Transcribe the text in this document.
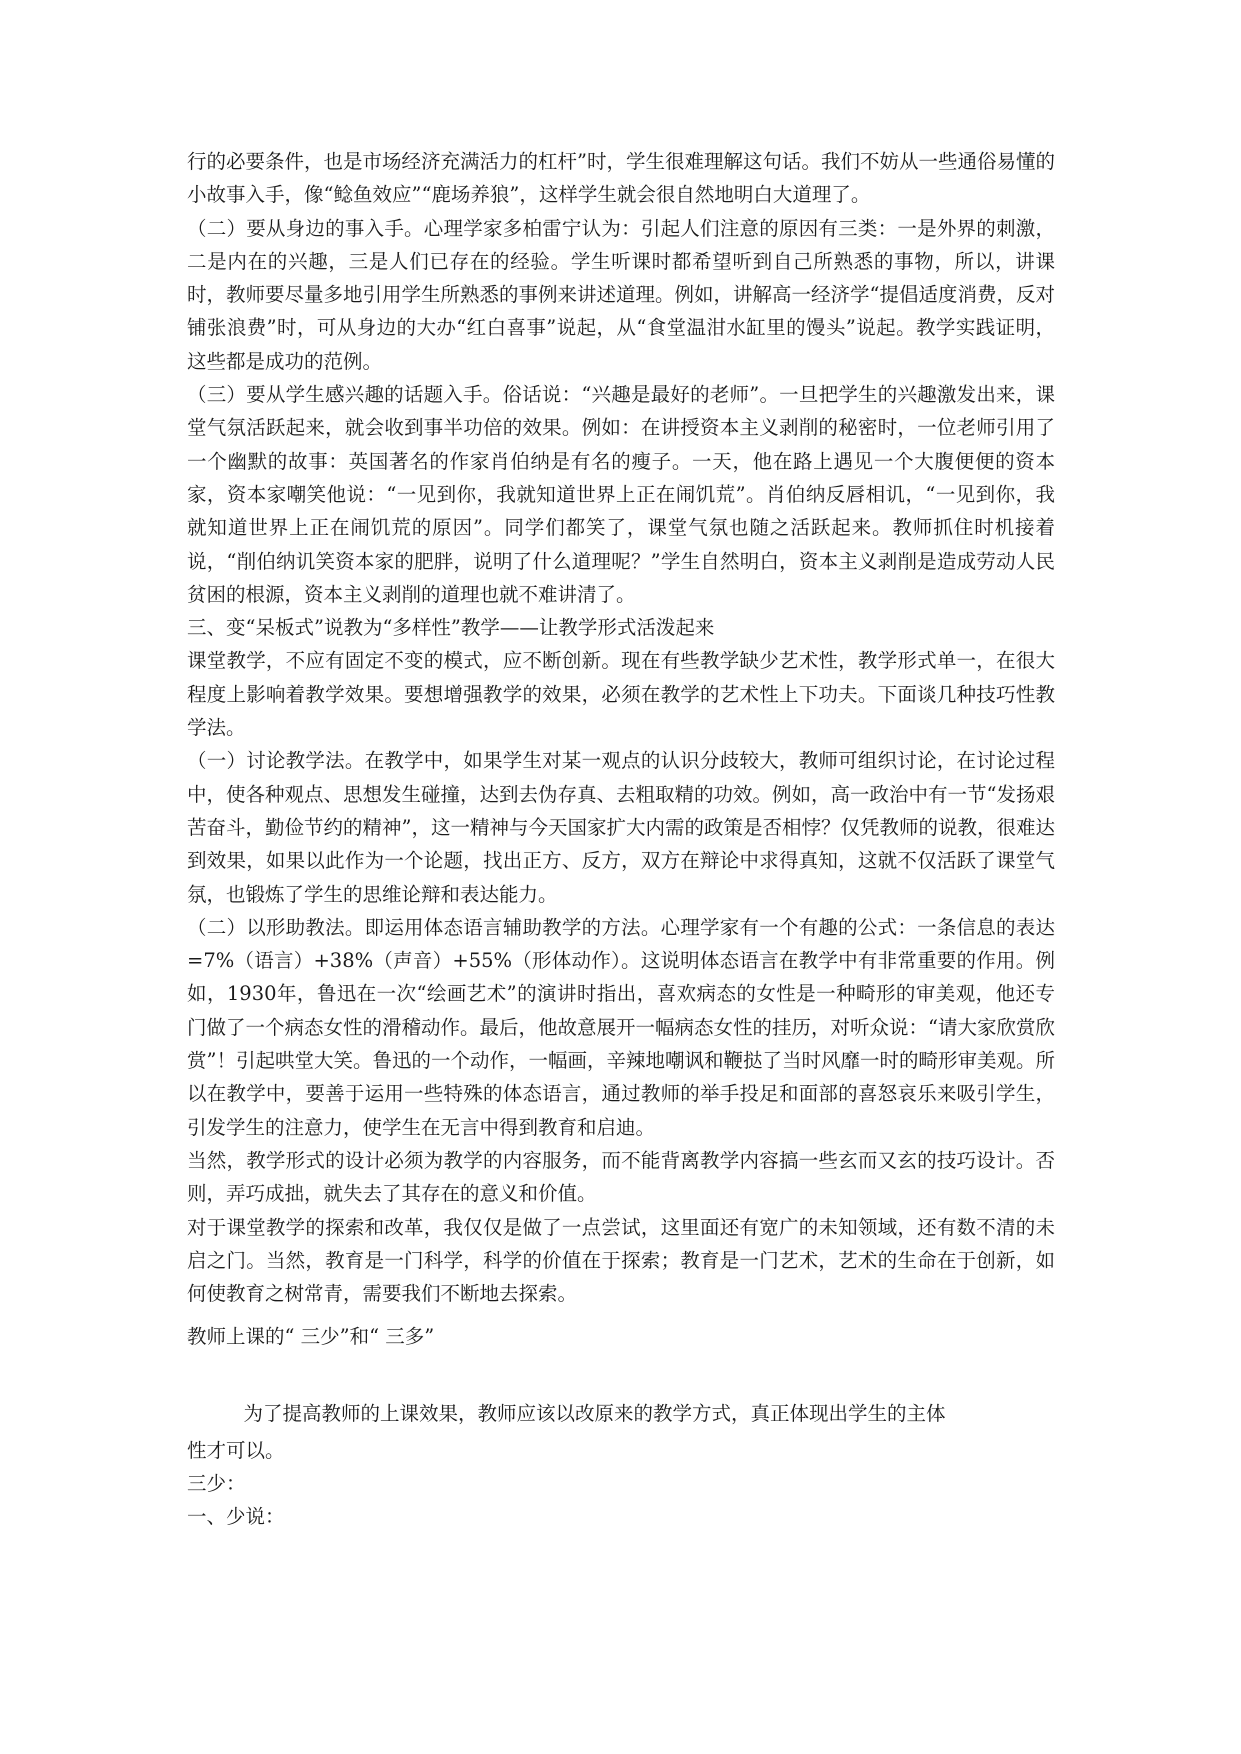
行的必要条件，也是市场经济充满活力的杠杆”时，学生很难理解这句话。我们不妨从一些通俗易懂的小故事入手，像“鲶鱼效应”“鹿场养狼”，这样学生就会很自然地明白大道理了。

（二）要从身边的事入手。心理学家多柏雷宁认为：引起人们注意的原因有三类：一是外界的刺激，二是内在的兴趣，三是人们已存在的经验。学生听课时都希望听到自己所熟悉的事物，所以，讲课时，教师要尽量多地引用学生所熟悉的事例来讲述道理。例如，讲解高一经济学“提倡适度消费，反对铺张浪费”时，可从身边的大办“红白喜事”说起，从“食堂温泔水缸里的馒头”说起。教学实践证明，这些都是成功的范例。

（三）要从学生感兴趣的话题入手。俗话说：“兴趣是最好的老师”。一旦把学生的兴趣激发出来，课堂气氛活跃起来，就会收到事半功倍的效果。例如：在讲授资本主义剥削的秘密时，一位老师引用了一个幽默的故事：英国著名的作家肖伯纳是有名的瘦子。一天，他在路上遇见一个大腹便便的资本家，资本家嘲笑他说：“一见到你，我就知道世界上正在闹饥荒”。肖伯纳反唇相讥，“一见到你，我就知道世界上正在闹饥荒的原因”。同学们都笑了，课堂气氛也随之活跃起来。教师抓住时机接着说，“削伯纳讥笑资本家的肥胖，说明了什么道理呢？”学生自然明白，资本主义剥削是造成劳动人民贫困的根源，资本主义剥削的道理也就不难讲清了。

三、变“呆板式”说教为“多样性”教学——让教学形式活泼起来

课堂教学，不应有固定不变的模式，应不断创新。现在有些教学缺少艺术性，教学形式单一，在很大程度上影响着教学效果。要想增强教学的效果，必须在教学的艺术性上下功夫。下面谈几种技巧性教学法。

（一）讨论教学法。在教学中，如果学生对某一观点的认识分歧较大，教师可组织讨论，在讨论过程中，使各种观点、思想发生碰撞，达到去伪存真、去粗取精的功效。例如，高一政治中有一节“发扬艰苦奋斗，勤俭节约的精神”，这一精神与今天国家扩大内需的政策是否相悖？仅凭教师的说教，很难达到效果，如果以此作为一个论题，找出正方、反方，双方在辩论中求得真知，这就不仅活跃了课堂气氛，也锻炼了学生的思维论辩和表达能力。

（二）以形助教法。即运用体态语言辅助教学的方法。心理学家有一个有趣的公式：一条信息的表达=7%（语言）+38%（声音）+55%（形体动作）。这说明体态语言在教学中有非常重要的作用。例如，1930年，鲁迅在一次“绘画艺术”的演讲时指出，喜欢病态的女性是一种畸形的审美观，他还专门做了一个病态女性的滑稽动作。最后，他故意展开一幅病态女性的挂历，对听众说：“请大家欣赏欣赏”！引起哄堂大笑。鲁迅的一个动作，一幅画，辛辣地嘲讽和鞭挞了当时风靡一时的畸形审美观。所以在教学中，要善于运用一些特殊的体态语言，通过教师的举手投足和面部的喜怒哀乐来吸引学生，引发学生的注意力，使学生在无言中得到教育和启迪。

当然，教学形式的设计必须为教学的内容服务，而不能背离教学内容搞一些玄而又玄的技巧设计。否则，弄巧成拙，就失去了其存在的意义和价值。

对于课堂教学的探索和改革，我仅仅是做了一点尝试，这里面还有宽广的未知领域，还有数不清的未启之门。当然，教育是一门科学，科学的价值在于探索；教育是一门艺术，艺术的生命在于创新，如何使教育之树常青，需要我们不断地去探索。

教师上课的“ 三少”和“ 三多”

为了提高教师的上课效果，教师应该以改原来的教学方式，真正体现出学生的主体

性才可以。

三少：

一、少说：
